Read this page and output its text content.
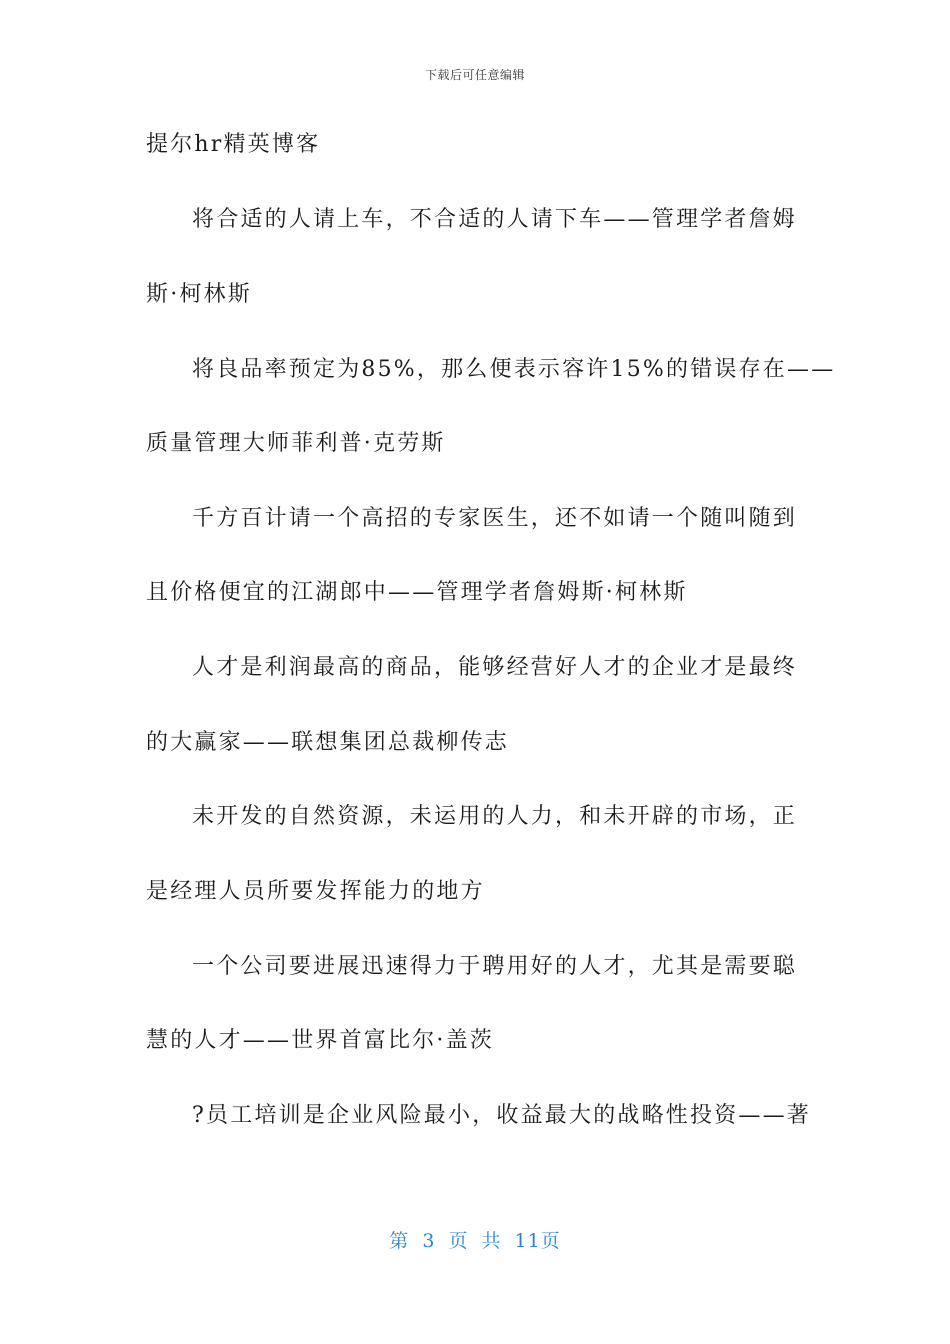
下载后可任意编辑
提尔hr精英博客
将合适的人请上车，不合适的人请下车——管理学者詹姆
斯·柯林斯
将良品率预定为85%，那么便表示容许15%的错误存在——
质量管理大师菲利普·克劳斯
千方百计请一个高招的专家医生，还不如请一个随叫随到
且价格便宜的江湖郎中——管理学者詹姆斯·柯林斯
人才是利润最高的商品，能够经营好人才的企业才是最终
的大赢家——联想集团总裁柳传志
未开发的自然资源，未运用的人力，和未开辟的市场，正
是经理人员所要发挥能力的地方
一个公司要进展迅速得力于聘用好的人才，尤其是需要聪
慧的人才——世界首富比尔·盖茨
?员工培训是企业风险最小，收益最大的战略性投资——著
第 3 页 共 11页
